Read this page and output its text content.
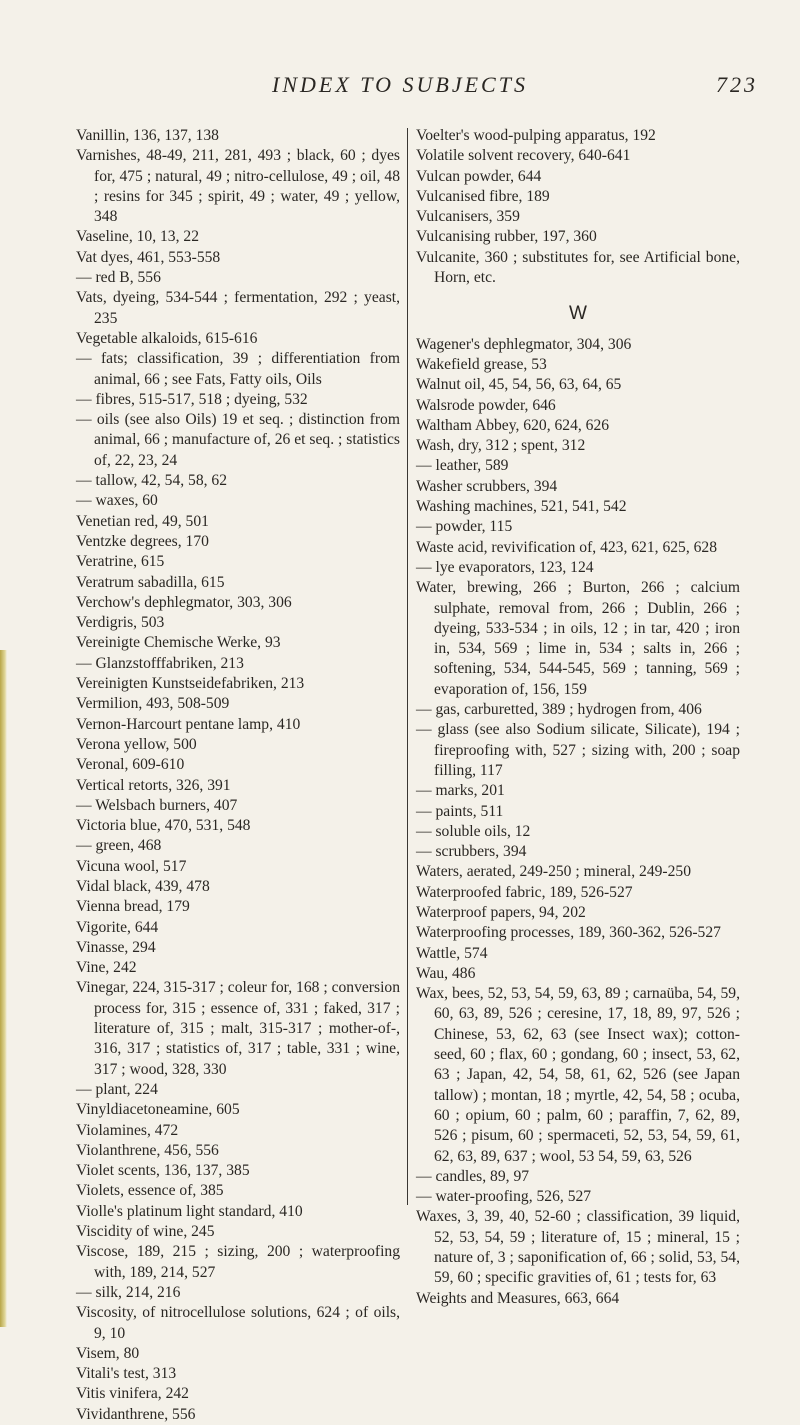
INDEX TO SUBJECTS	723
Vanillin, 136, 137, 138
Varnishes, 48-49, 211, 281, 493 ; black, 60 ; dyes for, 475 ; natural, 49 ; nitro-cellulose, 49 ; oil, 48 ; resins for 345 ; spirit, 49 ; water, 49 ; yellow, 348
Vaseline, 10, 13, 22
Vat dyes, 461, 553-558
— red B, 556
Vats, dyeing, 534-544 ; fermentation, 292 ; yeast, 235
Vegetable alkaloids, 615-616
— fats; classification, 39 ; differentiation from animal, 66 ; see Fats, Fatty oils, Oils
— fibres, 515-517, 518 ; dyeing, 532
— oils (see also Oils) 19 et seq. ; distinction from animal, 66 ; manufacture of, 26 et seq. ; statistics of, 22, 23, 24
— tallow, 42, 54, 58, 62
— waxes, 60
Venetian red, 49, 501
Ventzke degrees, 170
Veratrine, 615
Veratrum sabadilla, 615
Verchow's dephlegmator, 303, 306
Verdigris, 503
Vereinigte Chemische Werke, 93
— Glanzstofffabriken, 213
Vereinigten Kunstseidefabriken, 213
Vermilion, 493, 508-509
Vernon-Harcourt pentane lamp, 410
Verona yellow, 500
Veronal, 609-610
Vertical retorts, 326, 391
— Welsbach burners, 407
Victoria blue, 470, 531, 548
— green, 468
Vicuna wool, 517
Vidal black, 439, 478
Vienna bread, 179
Vigorite, 644
Vinasse, 294
Vine, 242
Vinegar, 224, 315-317 ; coleur for, 168 ; conversion process for, 315 ; essence of, 331 ; faked, 317 ; literature of, 315 ; malt, 315-317 ; mother-of-, 316, 317 ; statistics of, 317 ; table, 331 ; wine, 317 ; wood, 328, 330
— plant, 224
Vinyldiacetoneamine, 605
Violamines, 472
Violanthrene, 456, 556
Violet scents, 136, 137, 385
Violets, essence of, 385
Violle's platinum light standard, 410
Viscidity of wine, 245
Viscose, 189, 215 ; sizing, 200 ; waterproofing with, 189, 214, 527
— silk, 214, 216
Viscosity, of nitrocellulose solutions, 624 ; of oils, 9, 10
Visem, 80
Vitali's test, 313
Vitis vinifera, 242
Vividanthrene, 556
Voelter's wood-pulping apparatus, 192
Volatile solvent recovery, 640-641
Vulcan powder, 644
Vulcanised fibre, 189
Vulcanisers, 359
Vulcanising rubber, 197, 360
Vulcanite, 360 ; substitutes for, see Artificial bone, Horn, etc.
W
Wagener's dephlegmator, 304, 306
Wakefield grease, 53
Walnut oil, 45, 54, 56, 63, 64, 65
Walsrode powder, 646
Waltham Abbey, 620, 624, 626
Wash, dry, 312 ; spent, 312
— leather, 589
Washer scrubbers, 394
Washing machines, 521, 541, 542
— powder, 115
Waste acid, revivification of, 423, 621, 625, 628
— lye evaporators, 123, 124
Water, brewing, 266 ; Burton, 266 ; calcium sulphate, removal from, 266 ; Dublin, 266 ; dyeing, 533-534 ; in oils, 12 ; in tar, 420 ; iron in, 534, 569 ; lime in, 534 ; salts in, 266 ; softening, 534, 544-545, 569 ; tanning, 569 ; evaporation of, 156, 159
— gas, carburetted, 389 ; hydrogen from, 406
— glass (see also Sodium silicate, Silicate), 194 ; fireproofing with, 527 ; sizing with, 200 ; soap filling, 117
— marks, 201
— paints, 511
— soluble oils, 12
— scrubbers, 394
Waters, aerated, 249-250 ; mineral, 249-250
Waterproofed fabric, 189, 526-527
Waterproof papers, 94, 202
Waterproofing processes, 189, 360-362, 526-527
Wattle, 574
Wau, 486
Wax, bees, 52, 53, 54, 59, 63, 89 ; carnaüba, 54, 59, 60, 63, 89, 526 ; ceresine, 17, 18, 89, 97, 526 ; Chinese, 53, 62, 63 (see Insect wax); cotton-seed, 60 ; flax, 60 ; gondang, 60 ; insect, 53, 62, 63 ; Japan, 42, 54, 58, 61, 62, 526 (see Japan tallow) ; montan, 18 ; myrtle, 42, 54, 58 ; ocuba, 60 ; opium, 60 ; palm, 60 ; paraffin, 7, 62, 89, 526 ; pisum, 60 ; spermaceti, 52, 53, 54, 59, 61, 62, 63, 89, 637 ; wool, 53 54, 59, 63, 526
— candles, 89, 97
— water-proofing, 526, 527
Waxes, 3, 39, 40, 52-60 ; classification, 39 liquid, 52, 53, 54, 59 ; literature of, 15 ; mineral, 15 ; nature of, 3 ; saponification of, 66 ; solid, 53, 54, 59, 60 ; specific gravities of, 61 ; tests for, 63
Weights and Measures, 663, 664
